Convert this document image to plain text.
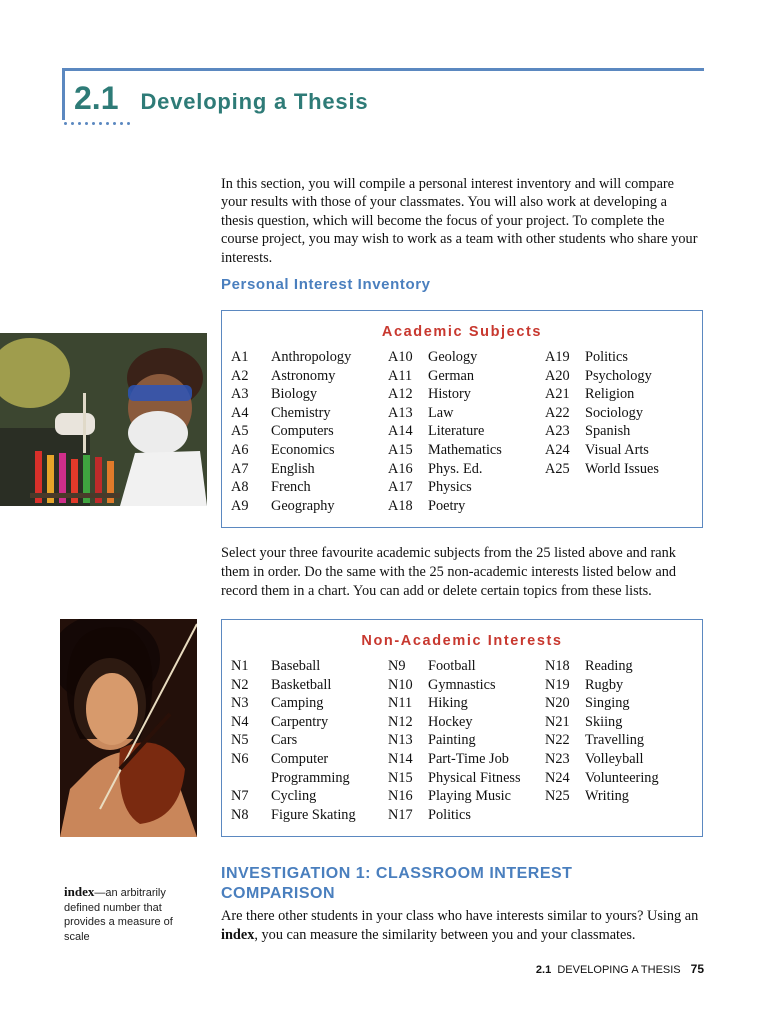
2.1 Developing a Thesis

In this section, you will compile a personal interest inventory and will compare your results with those of your classmates. You will also work at developing a thesis question, which will become the focus of your project. To complete the course project, you may wish to work as a team with other students who share your interests.

Personal Interest Inventory
Academic Subjects
A1	Anthropology
A2	Astronomy
A3	Biology
A4	Chemistry
A5	Computers
A6	Economics
A7	English
A8	French
A9	Geography
A10	Geology
A11	German
A12	History
A13	Law
A14	Literature
A15	Mathematics
A16	Phys. Ed.
A17	Physics
A18	Poetry
A19	Politics
A20	Psychology
A21	Religion
A22	Sociology
A23	Spanish
A24	Visual Arts
A25	World Issues

Select your three favourite academic subjects from the 25 listed above and rank them in order. Do the same with the 25 non-academic interests listed below and record them in a chart. You can add or delete certain topics from these lists.

Non-Academic Interests
N1	Baseball
N2	Basketball
N3	Camping
N4	Carpentry
N5	Cars
N6	Computer
Programming
N7	Cycling
N8	Figure Skating
N9	Football
N10	Gymnastics
N11	Hiking
N12	Hockey
N13	Painting
N14	Part-Time Job
N15	Physical Fitness
N16	Playing Music
N17	Politics
N18	Reading
N19	Rugby
N20	Singing
N21	Skiing
N22	Travelling
N23	Volleyball
N24	Volunteering
N25	Writing
index—an arbitrarily defined number that provides a measure of scale
INVESTIGATION 1: CLASSROOM INTEREST
COMPARISON

Are there other students in your class who have interests similar to yours? Using an index, you can measure the similarity between you and your classmates.

2.1 DEVELOPING A THESIS 75
